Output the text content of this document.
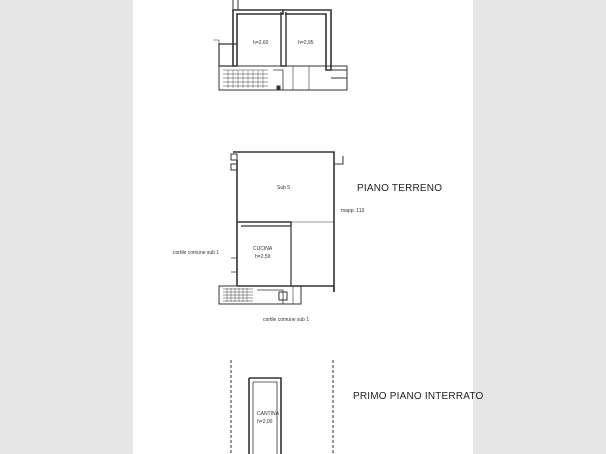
h=2,60	h=2,95
Sub 5	PIANO TERRENO
mapp. 113
CUCINA
h=2,59
cortile comune sub 1
cortile comune sub 1
PRIMO PIANO INTERRATO
CANTINA
h=2,00
